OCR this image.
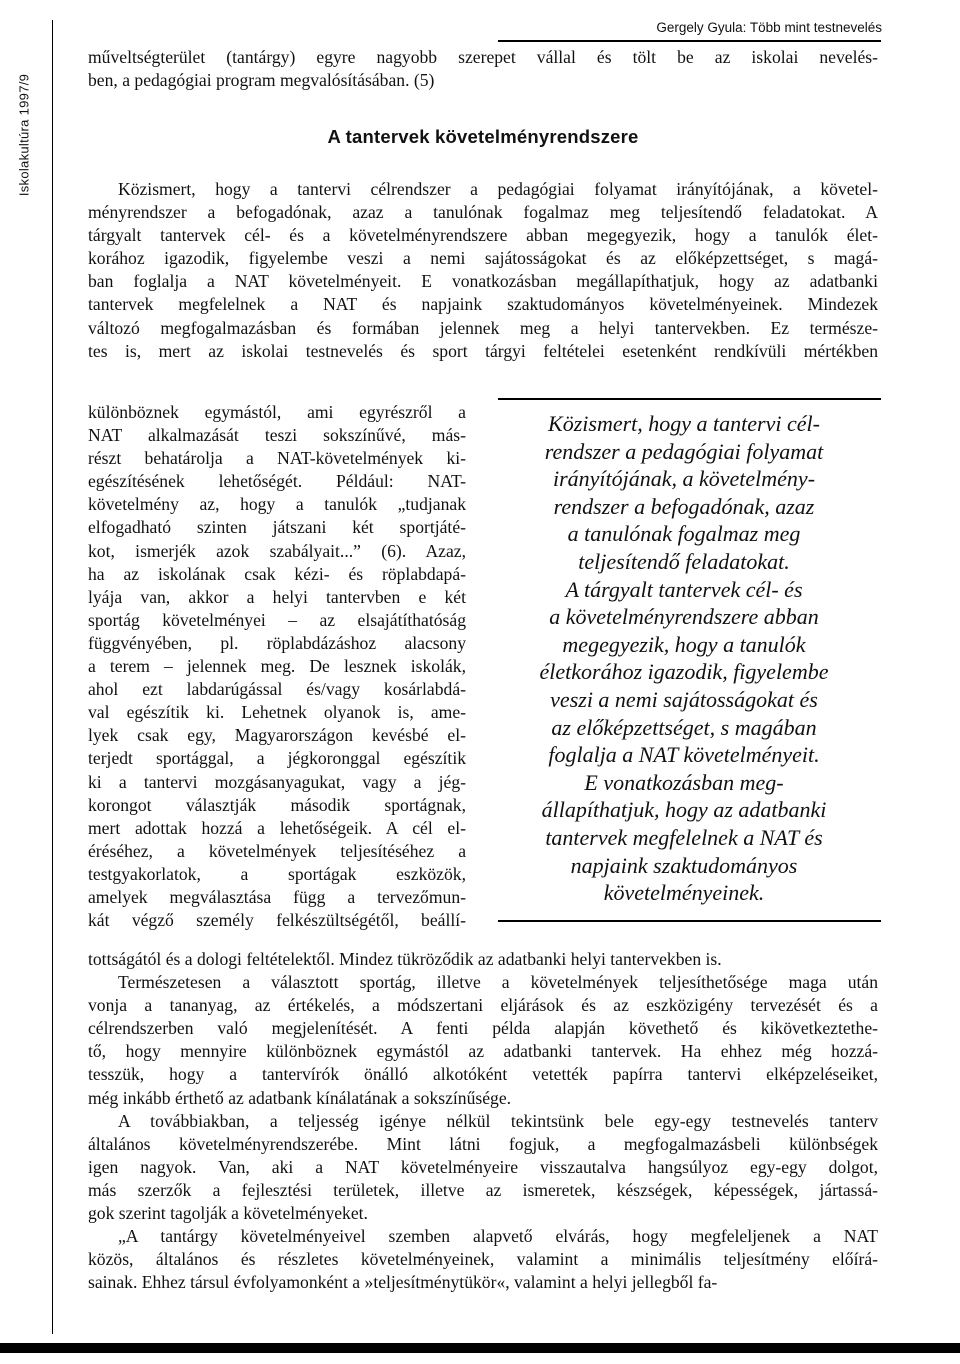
Iskolakultúra 1997/9
Gergely Gyula: Több mint testnevelés
műveltségterület (tantárgy) egyre nagyobb szerepet vállal és tölt be az iskolai nevelés-
ben, a pedagógiai program megvalósításában. (5)
A tantervek követelményrendszere
Közismert, hogy a tantervi célrendszer a pedagógiai folyamat irányítójának, a követel-
ményrendszer a befogadónak, azaz a tanulónak fogalmaz meg teljesítendő feladatokat. A
tárgyalt tantervek cél- és a követelményrendszere abban megegyezik, hogy a tanulók élet-
korához igazodik, figyelembe veszi a nemi sajátosságokat és az előképzettséget, s magá-
ban foglalja a NAT követelményeit. E vonatkozásban megállapíthatjuk, hogy az adatbanki
tantervek megfelelnek a NAT és napjaink szaktudományos követelményeinek. Mindezek
változó megfogalmazásban és formában jelennek meg a helyi tantervekben. Ez természe-
tes is, mert az iskolai testnevelés és sport tárgyi feltételei esetenként rendkívüli mértékben
különböznek egymástól, ami egyrészről a
NAT alkalmazását teszi sokszínűvé, más-
részt behatárolja a NAT-követelmények ki-
egészítésének lehetőségét. Például: NAT-
követelmény az, hogy a tanulók „tudjanak
elfogadható szinten játszani két sportjáté-
kot, ismerjék azok szabályait...” (6). Azaz,
ha az iskolának csak kézi- és röplabdapá-
lyája van, akkor a helyi tantervben e két
sportág követelményei – az elsajátíthatóság
függvényében, pl. röplabdázáshoz alacsony
a terem – jelennek meg. De lesznek iskolák,
ahol ezt labdarúgással és/vagy kosárlabdá-
val egészítik ki. Lehetnek olyanok is, ame-
lyek csak egy, Magyarországon kevésbé el-
terjedt sportággal, a jégkoronggal egészítik
ki a tantervi mozgásanyagukat, vagy a jég-
korongot választják második sportágnak,
mert adottak hozzá a lehetőségeik. A cél el-
éréséhez, a követelmények teljesítéséhez a
testgyakorlatok, a sportágak eszközök,
amelyek megválasztása függ a tervezőmun-
kát végző személy felkészültségétől, beállí-
Közismert, hogy a tantervi cél-
rendszer a pedagógiai folyamat
irányítójának, a követelmény-
rendszer a befogadónak, azaz
a tanulónak fogalmaz meg
teljesítendő feladatokat.
A tárgyalt tantervek cél- és
a követelményrendszere abban
megegyezik, hogy a tanulók
életkorához igazodik, figyelembe
veszi a nemi sajátosságokat és
az előképzettséget, s magában
foglalja a NAT követelményeit.
E vonatkozásban meg-
állapíthatjuk, hogy az adatbanki
tantervek megfelelnek a NAT és
napjaink szaktudományos
követelményeinek.
tottságától és a dologi feltételektől. Mindez tükröződik az adatbanki helyi tantervekben is.
Természetesen a választott sportág, illetve a követelmények teljesíthetősége maga után
vonja a tananyag, az értékelés, a módszertani eljárások és az eszközigény tervezését és a
célrendszerben való megjelenítését. A fenti példa alapján követhető és kikövetkeztethe-
tő, hogy mennyire különböznek egymástól az adatbanki tantervek. Ha ehhez még hozzá-
tesszük, hogy a tantervírók önálló alkotóként vetették papírra tantervi elképzeléseiket,
még inkább érthető az adatbank kínálatának a sokszínűsége.
A továbbiakban, a teljesség igénye nélkül tekintsünk bele egy-egy testnevelés tanterv
általános követelményrendszerébe. Mint látni fogjuk, a megfogalmazásbeli különbségek
igen nagyok. Van, aki a NAT követelményeire visszautalva hangsúlyoz egy-egy dolgot,
más szerzők a fejlesztési területek, illetve az ismeretek, készségek, képességek, jártassá-
gok szerint tagolják a követelményeket.
„A tantárgy követelményeivel szemben alapvető elvárás, hogy megfeleljenek a NAT
közös, általános és részletes követelményeinek, valamint a minimális teljesítmény előírá-
sainak. Ehhez társul évfolyamonként a »teljesítménytükör«, valamint a helyi jellegből fa-
